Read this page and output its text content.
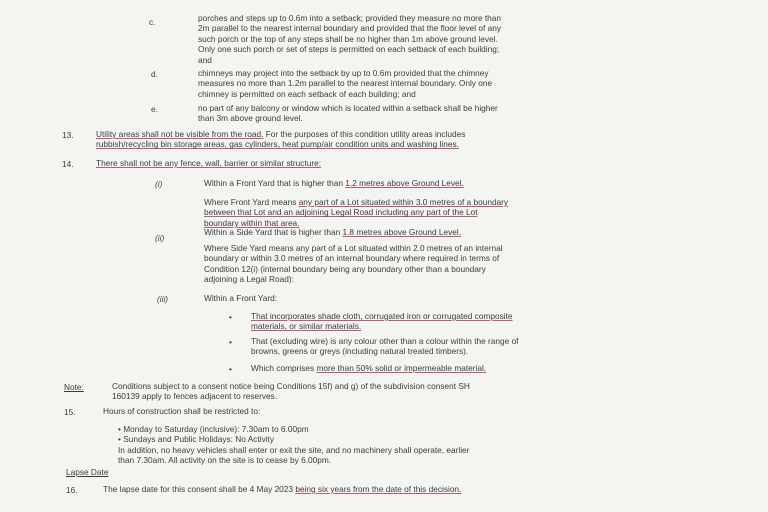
c.	porches and steps up to 0.6m into a setback; provided they measure no more than
2m parallel to the nearest internal boundary and provided that the floor level of any
such porch or the top of any steps shall be no higher than 1m above ground level.
Only one such porch or set of steps is permitted on each setback of each building;
and
d.	chimneys may project into the setback by up to 0.6m provided that the chimney
measures no more than 1.2m parallel to the nearest internal boundary. Only one
chimney is permitted on each setback of each building; and
e.	no part of any balcony or window which is located within a setback shall be higher
than 3m above ground level.
13.	Utility areas shall not be visible from the road. For the purposes of this condition utility areas includes
rubbish/recycling bin storage areas, gas cylinders, heat pump/air condition units and washing lines.
14.	There shall not be any fence, wall, barrier or similar structure:
(i)	Within a Front Yard that is higher than 1.2 metres above Ground Level.
Where Front Yard means any part of a Lot situated within 3.0 metres of a boundary
between that Lot and an adjoining Legal Road including any part of the Lot
boundary within that area.
(ii)
Within a Side Yard that is higher than 1.8 metres above Ground Level.
Where Side Yard means any part of a Lot situated within 2.0 metres of an internal
boundary or within 3.0 metres of an internal boundary where required in terms of
Condition 12(i) (internal boundary being any boundary other than a boundary
adjoining a Legal Road):
(iii)	Within a Front Yard:
• That incorporates shade cloth, corrugated iron or corrugated composite
materials, or similar materials.
• That (excluding wire) is any colour other than a colour within the range of
browns, greens or greys (including natural treated timbers).
• Which comprises more than 50% solid or impermeable material.
Note:	Conditions subject to a consent notice being Conditions 15f) and g) of the subdivision consent SH
160139 apply to fences adjacent to reserves.
15.	Hours of construction shall be restricted to:
• Monday to Saturday (inclusive): 7.30am to 6.00pm
• Sundays and Public Holidays: No Activity
In addition, no heavy vehicles shall enter or exit the site, and no machinery shall operate, earlier
than 7.30am. All activity on the site is to cease by 6.00pm.
Lapse Date
16.	The lapse date for this consent shall be 4 May 2023 being six years from the date of this decision.
